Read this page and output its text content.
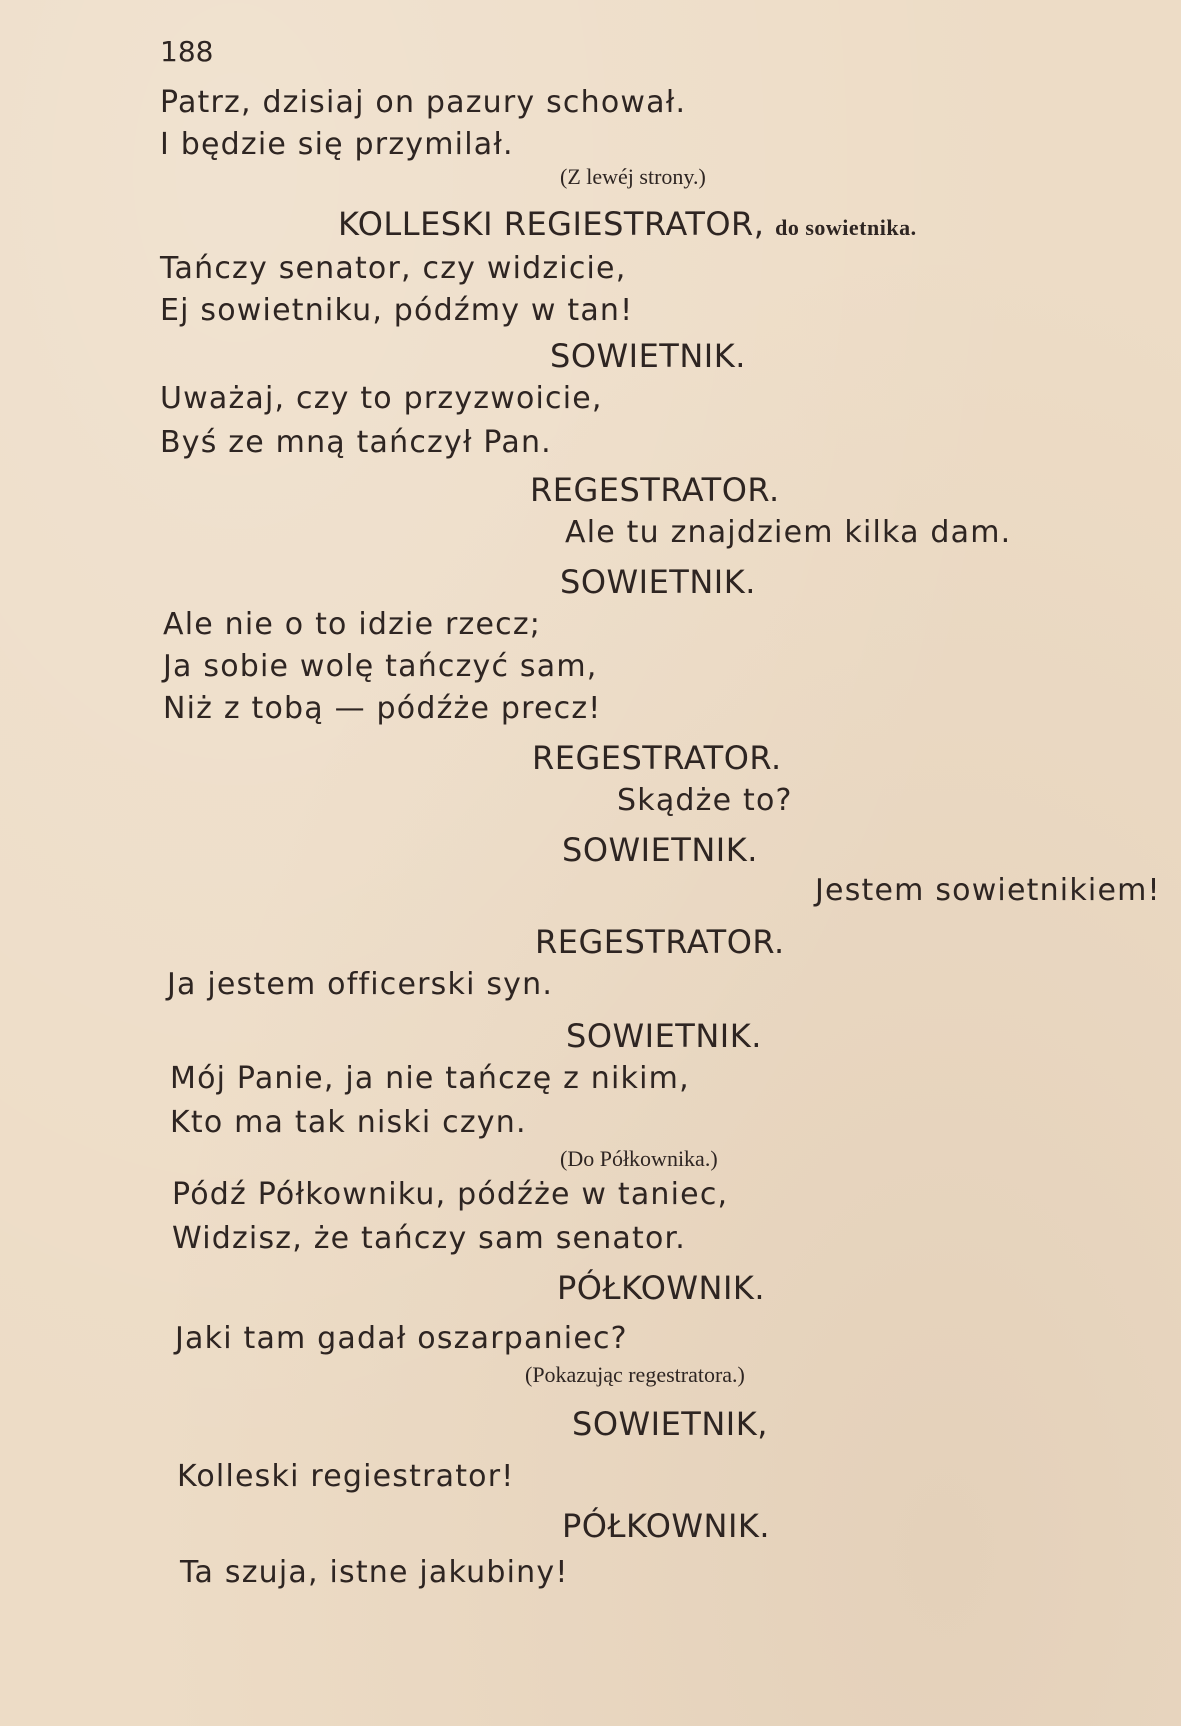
188
Patrz, dzisiaj on pazury schował.
I będzie się przymilał.
(Z lewéj strony.)
KOLLESKI REGIESTRATOR, do sowietnika.
Tańczy senator, czy widzicie,
Ej sowietniku, pódźmy w tan!
SOWIETNIK.
Uważaj, czy to przyzwoicie,
Byś ze mną tańczył Pan.
REGESTRATOR.
Ale tu znajdziem kilka dam.
SOWIETNIK.
Ale nie o to idzie rzecz;
Ja sobie wolę tańczyć sam,
Niż z tobą — pódźże precz!
REGESTRATOR.
Skądże to?
SOWIETNIK.
Jestem sowietnikiem!
REGESTRATOR.
Ja jestem officerski syn.
SOWIETNIK.
Mój Panie, ja nie tańczę z nikim,
Kto ma tak niski czyn.
(Do Półkownika.)
Pódź Półkowniku, pódźże w taniec,
Widzisz, że tańczy sam senator.
PÓŁKOWNIK.
Jaki tam gadał oszarpaniec?
(Pokazując regestratora.)
SOWIETNIK,
Kolleski regiestrator!
PÓŁKOWNIK.
Ta szuja, istne jakubiny!
